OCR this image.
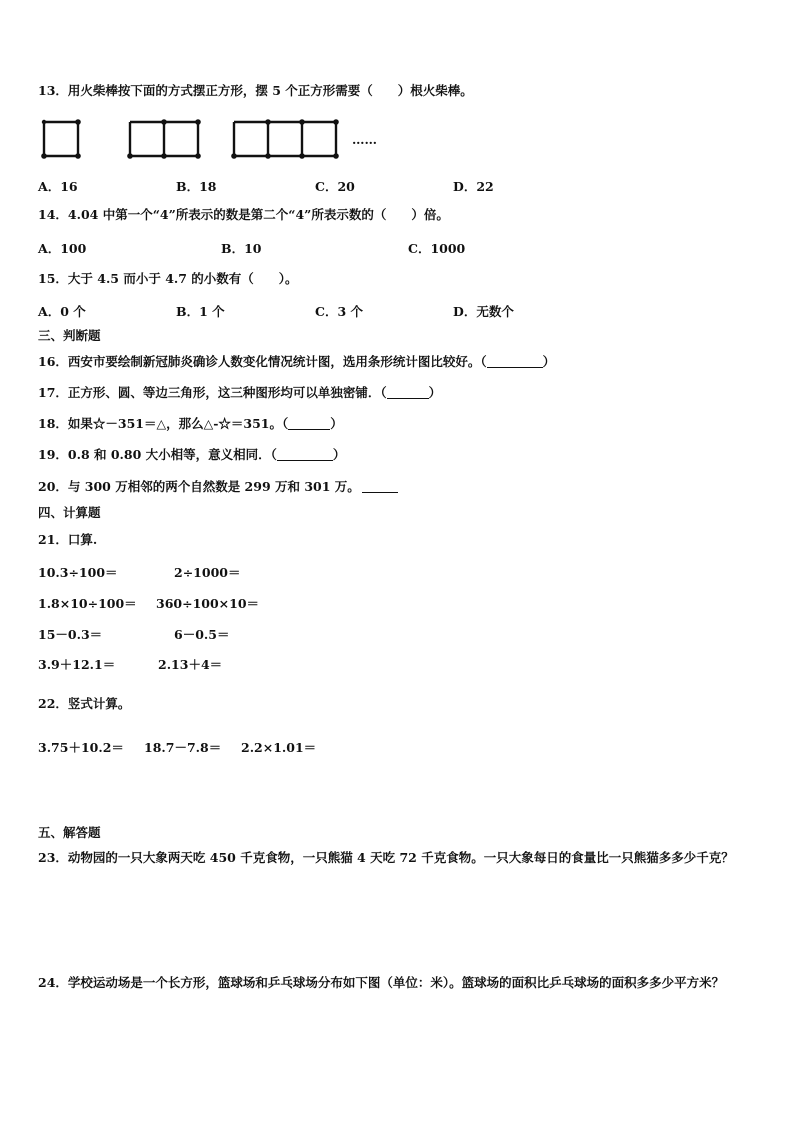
13．用火柴棒按下面的方式摆正方形，摆 5 个正方形需要（　　）根火柴棒。
……
A．16	B．18	C．20	D．22
14．4.04 中第一个“4”所表示的数是第二个“4”所表示数的（　　）倍。
A．100	B．10	C．1000
15．大于 4.5 而小于 4.7 的小数有（　　）。
A．0 个	B．1 个	C．3 个	D．无数个
三、判断题
16．西安市要绘制新冠肺炎确诊人数变化情况统计图，选用条形统计图比较好。（	）
17．正方形、圆、等边三角形，这三种图形均可以单独密铺．（	）
18．如果☆－351＝△，那么△-☆＝351。（	）
19．0.8 和 0.80 大小相等，意义相同．（	）
20．与 300 万相邻的两个自然数是 299 万和 301 万。
四、计算题
21．口算.
10.3÷100＝	2÷1000＝
1.8×10÷100＝ 360÷100×10＝
15－0.3＝	6－0.5＝
3.9＋12.1＝	2.13＋4＝
22．竖式计算。
3.75＋10.2＝ 18.7－7.8＝ 2.2×1.01＝
五、解答题
23．动物园的一只大象两天吃 450 千克食物，一只熊猫 4 天吃 72 千克食物。一只大象每日的食量比一只熊猫多多少千克？
24．学校运动场是一个长方形，篮球场和乒乓球场分布如下图（单位：米）。篮球场的面积比乒乓球场的面积多多少平方米？
